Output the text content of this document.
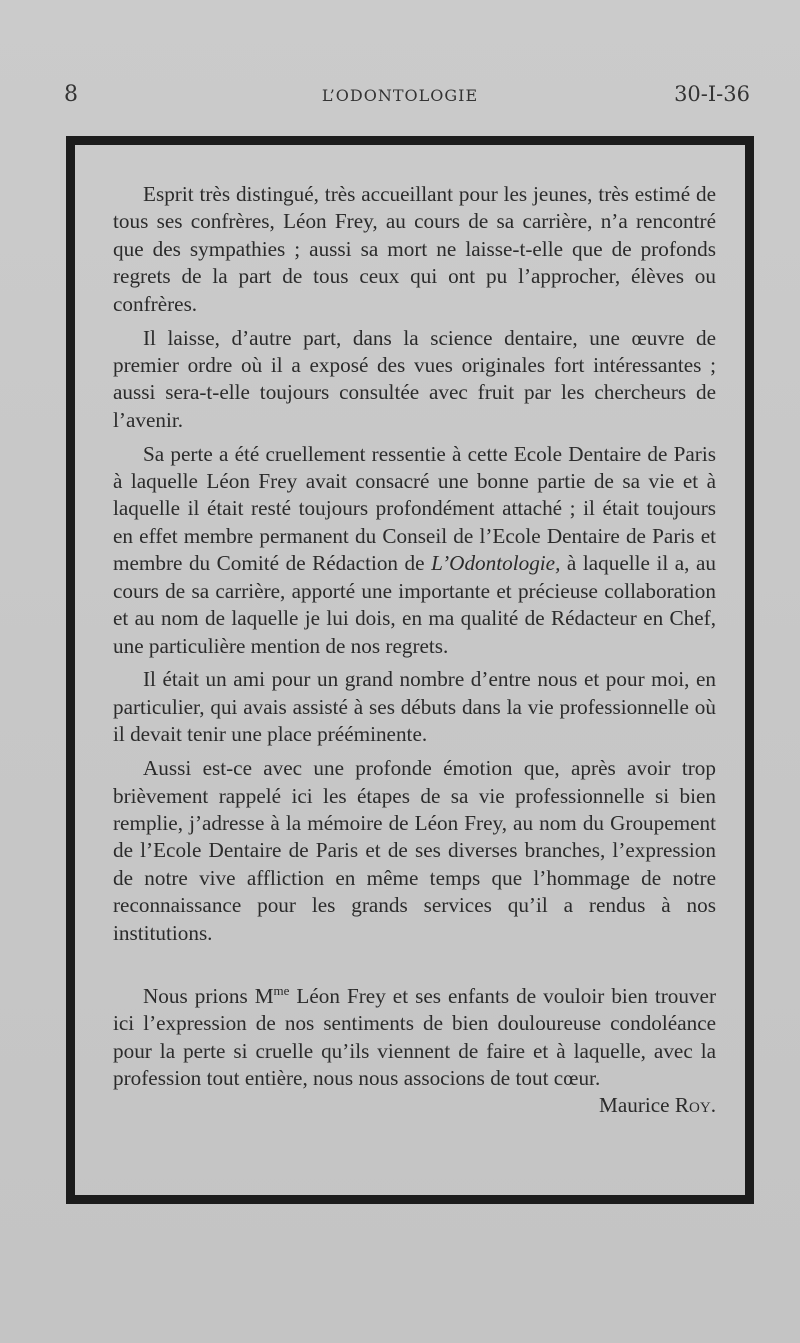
8	L’ODONTOLOGIE	30-I-36

Esprit très distingué, très accueillant pour les jeunes, très estimé de tous ses confrères, Léon Frey, au cours de sa carrière, n’a rencontré que des sympathies ; aussi sa mort ne laisse-t-elle que de profonds regrets de la part de tous ceux qui ont pu l’approcher, élèves ou confrères.

Il laisse, d’autre part, dans la science dentaire, une œuvre de premier ordre où il a exposé des vues originales fort intéressantes ; aussi sera-t-elle toujours consultée avec fruit par les chercheurs de l’avenir.

Sa perte a été cruellement ressentie à cette Ecole Dentaire de Paris à laquelle Léon Frey avait consacré une bonne partie de sa vie et à laquelle il était resté toujours profondément attaché ; il était toujours en effet membre permanent du Conseil de l’Ecole Dentaire de Paris et membre du Comité de Rédaction de L’Odontologie, à laquelle il a, au cours de sa carrière, apporté une importante et précieuse collaboration et au nom de laquelle je lui dois, en ma qualité de Rédacteur en Chef, une particulière mention de nos regrets.

Il était un ami pour un grand nombre d’entre nous et pour moi, en particulier, qui avais assisté à ses débuts dans la vie professionnelle où il devait tenir une place prééminente.

Aussi est-ce avec une profonde émotion que, après avoir trop brièvement rappelé ici les étapes de sa vie professionnelle si bien remplie, j’adresse à la mémoire de Léon Frey, au nom du Groupement de l’Ecole Dentaire de Paris et de ses diverses branches, l’expression de notre vive affliction en même temps que l’hommage de notre reconnaissance pour les grands services qu’il a rendus à nos institutions.

Nous prions $M^{me}$ Léon Frey et ses enfants de vouloir bien trouver ici l’expression de nos sentiments de bien douloureuse condoléance pour la perte si cruelle qu’ils viennent de faire et à laquelle, avec la profession tout entière, nous nous associons de tout cœur.

Maurice Roy.
